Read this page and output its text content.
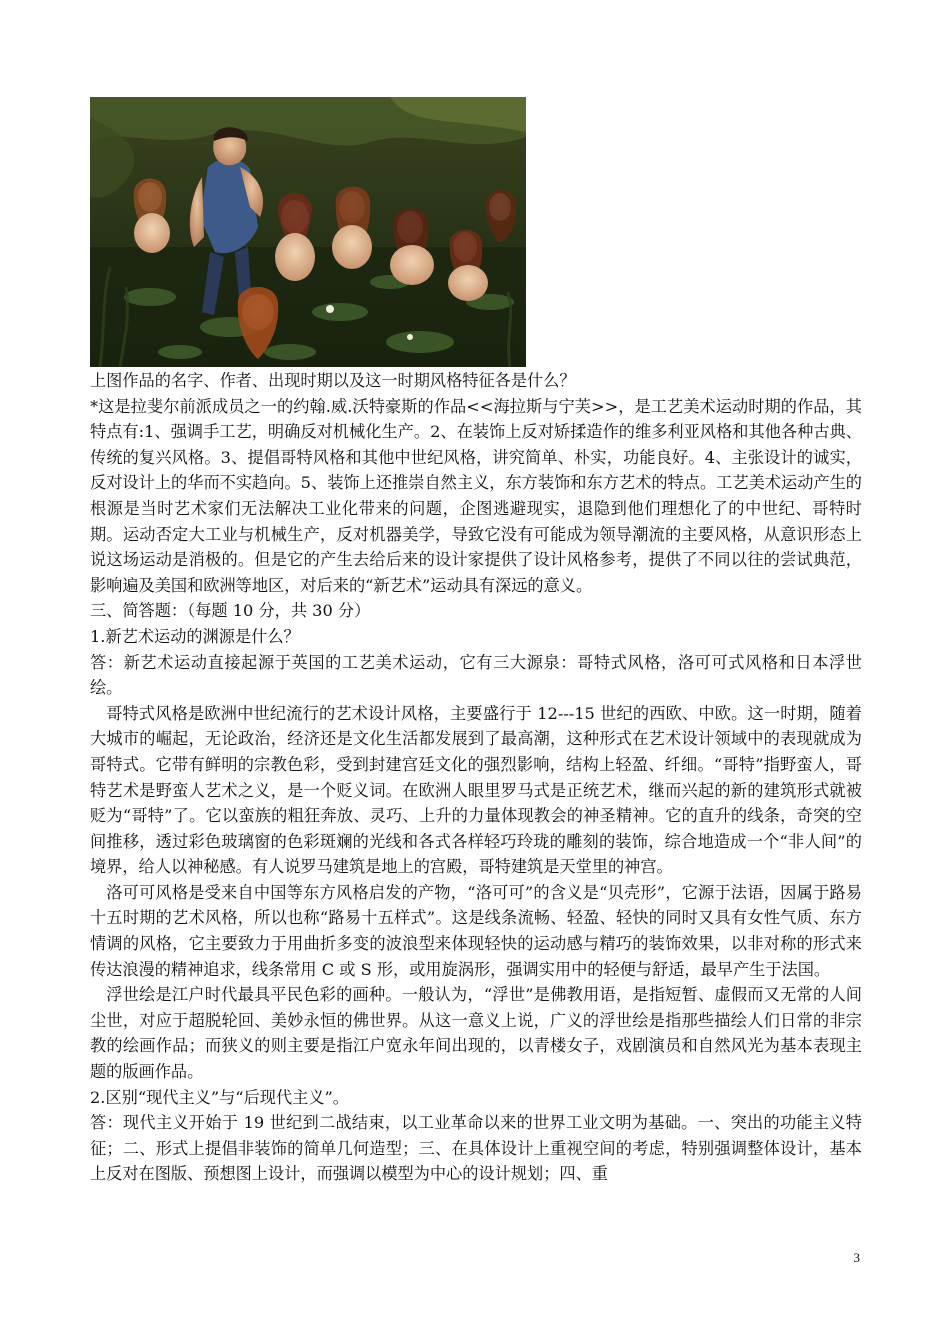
上图作品的名字、作者、出现时期以及这一时期风格特征各是什么？

*这是拉斐尔前派成员之一的约翰.威.沃特豪斯的作品<<海拉斯与宁芙>>，是工艺美术运动时期的作品，其特点有:1、强调手工艺，明确反对机械化生产。2、在装饰上反对矫揉造作的维多利亚风格和其他各种古典、传统的复兴风格。3、提倡哥特风格和其他中世纪风格，讲究简单、朴实，功能良好。4、主张设计的诚实，反对设计上的华而不实趋向。5、装饰上还推崇自然主义，东方装饰和东方艺术的特点。工艺美术运动产生的根源是当时艺术家们无法解决工业化带来的问题，企图逃避现实，退隐到他们理想化了的中世纪、哥特时期。运动否定大工业与机械生产，反对机器美学，导致它没有可能成为领导潮流的主要风格，从意识形态上说这场运动是消极的。但是它的产生去给后来的设计家提供了设计风格参考，提供了不同以往的尝试典范，影响遍及美国和欧洲等地区，对后来的“新艺术”运动具有深远的意义。

三、简答题：（每题 10 分，共 30 分）

1.新艺术运动的渊源是什么？

答：新艺术运动直接起源于英国的工艺美术运动，它有三大源泉：哥特式风格，洛可可式风格和日本浮世绘。

哥特式风格是欧洲中世纪流行的艺术设计风格，主要盛行于 12---15 世纪的西欧、中欧。这一时期，随着大城市的崛起，无论政治，经济还是文化生活都发展到了最高潮，这种形式在艺术设计领域中的表现就成为哥特式。它带有鲜明的宗教色彩，受到封建宫廷文化的强烈影响，结构上轻盈、纤细。“哥特”指野蛮人，哥特艺术是野蛮人艺术之义，是一个贬义词。在欧洲人眼里罗马式是正统艺术，继而兴起的新的建筑形式就被贬为“哥特”了。它以蛮族的粗狂奔放、灵巧、上升的力量体现教会的神圣精神。它的直升的线条，奇突的空间推移，透过彩色玻璃窗的色彩斑斓的光线和各式各样轻巧玲珑的雕刻的装饰，综合地造成一个“非人间”的境界，给人以神秘感。有人说罗马建筑是地上的宫殿，哥特建筑是天堂里的神宫。

洛可可风格是受来自中国等东方风格启发的产物，“洛可可”的含义是“贝壳形”，它源于法语，因属于路易十五时期的艺术风格，所以也称“路易十五样式”。这是线条流畅、轻盈、轻快的同时又具有女性气质、东方情调的风格，它主要致力于用曲折多变的波浪型来体现轻快的运动感与精巧的装饰效果，以非对称的形式来传达浪漫的精神追求，线条常用 C 或 S 形，或用旋涡形，强调实用中的轻便与舒适，最早产生于法国。

浮世绘是江户时代最具平民色彩的画种。一般认为，“浮世”是佛教用语，是指短暂、虚假而又无常的人间尘世，对应于超脱轮回、美妙永恒的佛世界。从这一意义上说，广义的浮世绘是指那些描绘人们日常的非宗教的绘画作品；而狭义的则主要是指江户宽永年间出现的，以青楼女子，戏剧演员和自然风光为基本表现主题的版画作品。

2.区别“现代主义”与“后现代主义”。

答：现代主义开始于 19 世纪到二战结束，以工业革命以来的世界工业文明为基础。一、突出的功能主义特征；二、形式上提倡非装饰的简单几何造型；三、在具体设计上重视空间的考虑，特别强调整体设计，基本上反对在图版、预想图上设计，而强调以模型为中心的设计规划；四、重

3
